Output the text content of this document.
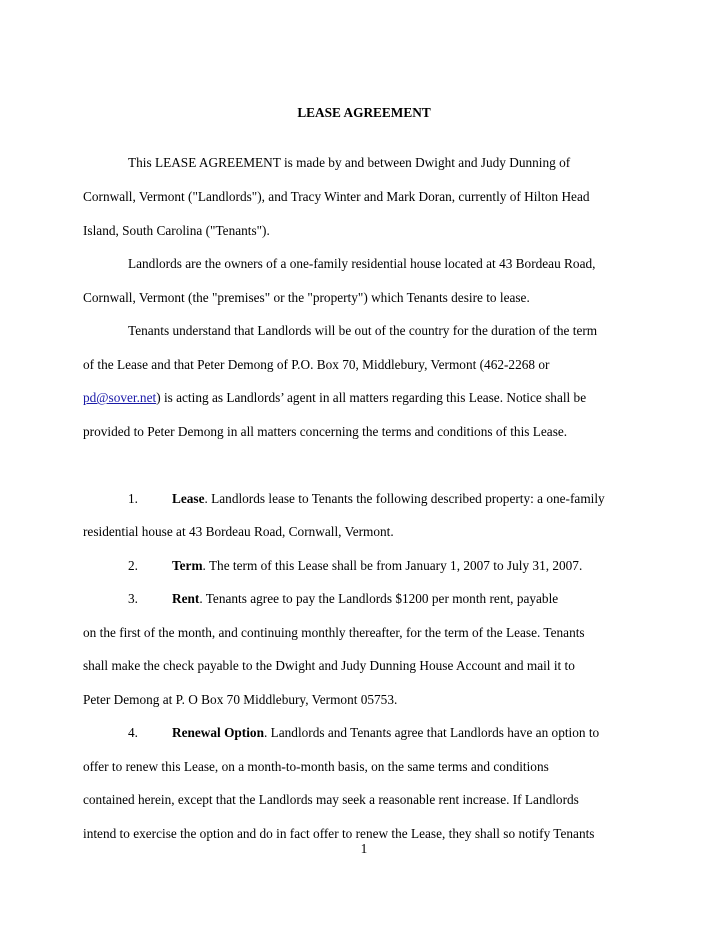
LEASE AGREEMENT
This LEASE AGREEMENT is made by and between Dwight and Judy Dunning of
Cornwall, Vermont ("Landlords"), and Tracy Winter and Mark Doran, currently of Hilton Head
Island, South Carolina ("Tenants").
Landlords are the owners of a one-family residential house located at 43 Bordeau Road,
Cornwall, Vermont (the "premises" or the "property") which Tenants desire to lease.
Tenants understand that Landlords will be out of the country for the duration of the term
of the Lease and that Peter Demong of P.O. Box 70, Middlebury, Vermont (462-2268 or
pd@sover.net) is acting as Landlords’ agent in all matters regarding this Lease. Notice shall be
provided to Peter Demong in all matters concerning the terms and conditions of this Lease.
1.	Lease. Landlords lease to Tenants the following described property: a one-family
residential house at 43 Bordeau Road, Cornwall, Vermont.
2.	Term. The term of this Lease shall be from January 1, 2007 to July 31, 2007.
3.	Rent. Tenants agree to pay the Landlords $1200 per month rent, payable
on the first of the month, and continuing monthly thereafter, for the term of the Lease. Tenants
shall make the check payable to the Dwight and Judy Dunning House Account and mail it to
Peter Demong at P. O Box 70 Middlebury, Vermont 05753.
4.	Renewal Option. Landlords and Tenants agree that Landlords have an option to
offer to renew this Lease, on a month-to-month basis, on the same terms and conditions
contained herein, except that the Landlords may seek a reasonable rent increase. If Landlords
intend to exercise the option and do in fact offer to renew the Lease, they shall so notify Tenants
1
